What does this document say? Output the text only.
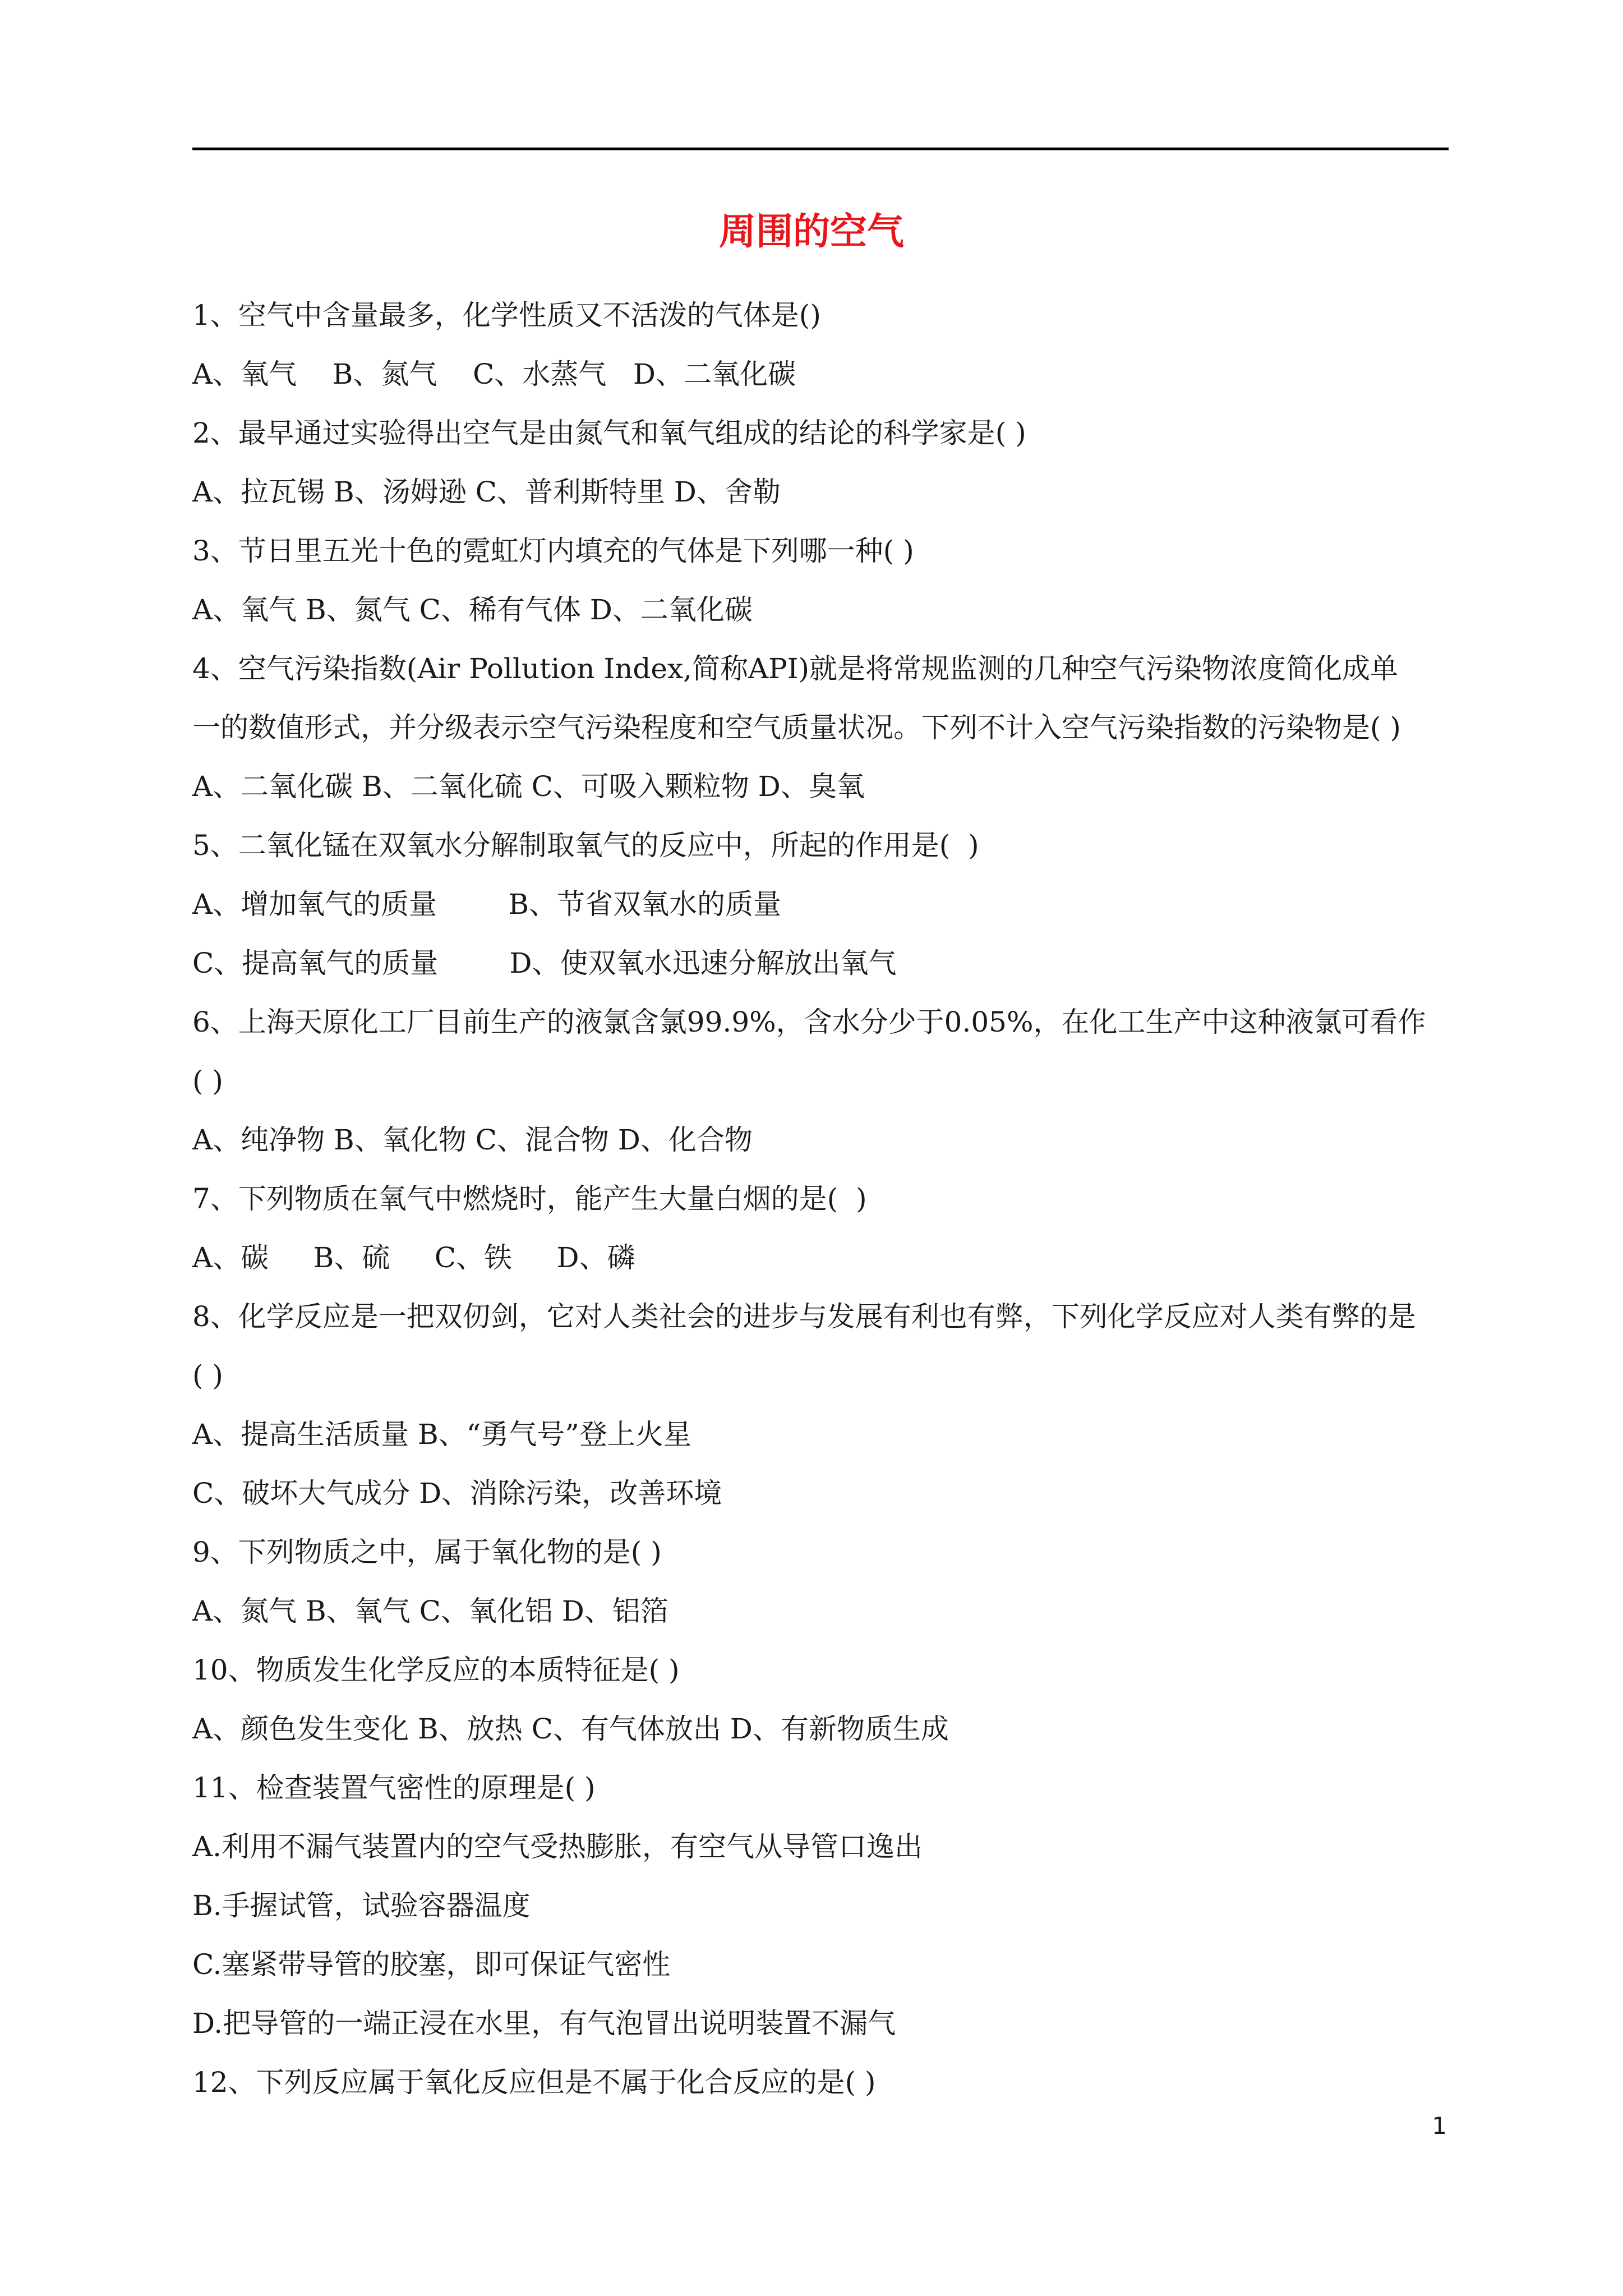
周围的空气
1、空气中含量最多，化学性质又不活泼的气体是()
A、氧气    B、氮气    C、水蒸气   D、二氧化碳
2、最早通过实验得出空气是由氮气和氧气组成的结论的科学家是( )
A、拉瓦锡 B、汤姆逊 C、普利斯特里 D、舍勒
3、节日里五光十色的霓虹灯内填充的气体是下列哪一种( )
A、氧气 B、氮气 C、稀有气体 D、二氧化碳
4、空气污染指数(Air Pollution Index,简称API)就是将常规监测的几种空气污染物浓度简化成单
一的数值形式，并分级表示空气污染程度和空气质量状况。下列不计入空气污染指数的污染物是( )
A、二氧化碳 B、二氧化硫 C、可吸入颗粒物 D、臭氧
5、二氧化锰在双氧水分解制取氧气的反应中，所起的作用是(  )
A、增加氧气的质量        B、节省双氧水的质量
C、提高氧气的质量        D、使双氧水迅速分解放出氧气
6、上海天原化工厂目前生产的液氯含氯99.9%，含水分少于0.05%，在化工生产中这种液氯可看作
( )
A、纯净物 B、氧化物 C、混合物 D、化合物
7、下列物质在氧气中燃烧时，能产生大量白烟的是(  )
A、碳     B、硫     C、铁     D、磷
8、化学反应是一把双仞剑，它对人类社会的进步与发展有利也有弊，下列化学反应对人类有弊的是
( )
A、提高生活质量 B、“勇气号”登上火星
C、破坏大气成分 D、消除污染，改善环境
9、下列物质之中，属于氧化物的是( )
A、氮气 B、氧气 C、氧化铝 D、铝箔
10、物质发生化学反应的本质特征是( )
A、颜色发生变化 B、放热 C、有气体放出 D、有新物质生成
11、检查装置气密性的原理是( )
A.利用不漏气装置内的空气受热膨胀，有空气从导管口逸出
B.手握试管，试验容器温度
C.塞紧带导管的胶塞，即可保证气密性
D.把导管的一端正浸在水里，有气泡冒出说明装置不漏气
12、下列反应属于氧化反应但是不属于化合反应的是( )
1
